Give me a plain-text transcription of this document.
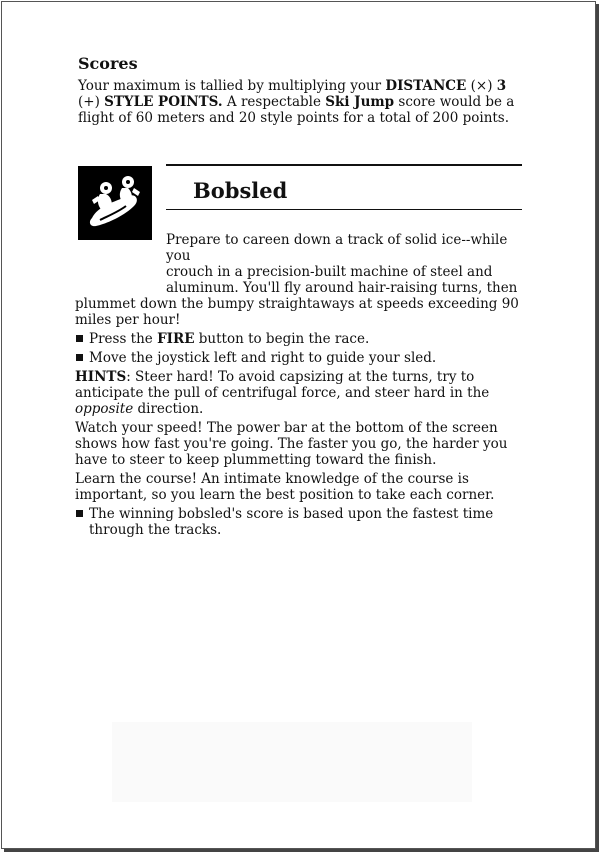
Scores

Your maximum is tallied by multiplying your DISTANCE (×) 3 (+) STYLE POINTS. A respectable Ski Jump score would be a flight of 60 meters and 20 style points for a total of 200 points.

Bobsled

Prepare to careen down a track of solid ice--while you
crouch in a precision-built machine of steel and
aluminum. You'll fly around hair-raising turns, then
plummet down the bumpy straightaways at speeds exceeding 90 miles per hour!

Press the FIRE button to begin the race.

Move the joystick left and right to guide your sled.

HINTS: Steer hard! To avoid capsizing at the turns, try to anticipate the pull of centrifugal force, and steer hard in the opposite direction.

Watch your speed! The power bar at the bottom of the screen shows how fast you're going. The faster you go, the harder you have to steer to keep plummetting toward the finish.

Learn the course! An intimate knowledge of the course is important, so you learn the best position to take each corner.

The winning bobsled's score is based upon the fastest time through the tracks.
